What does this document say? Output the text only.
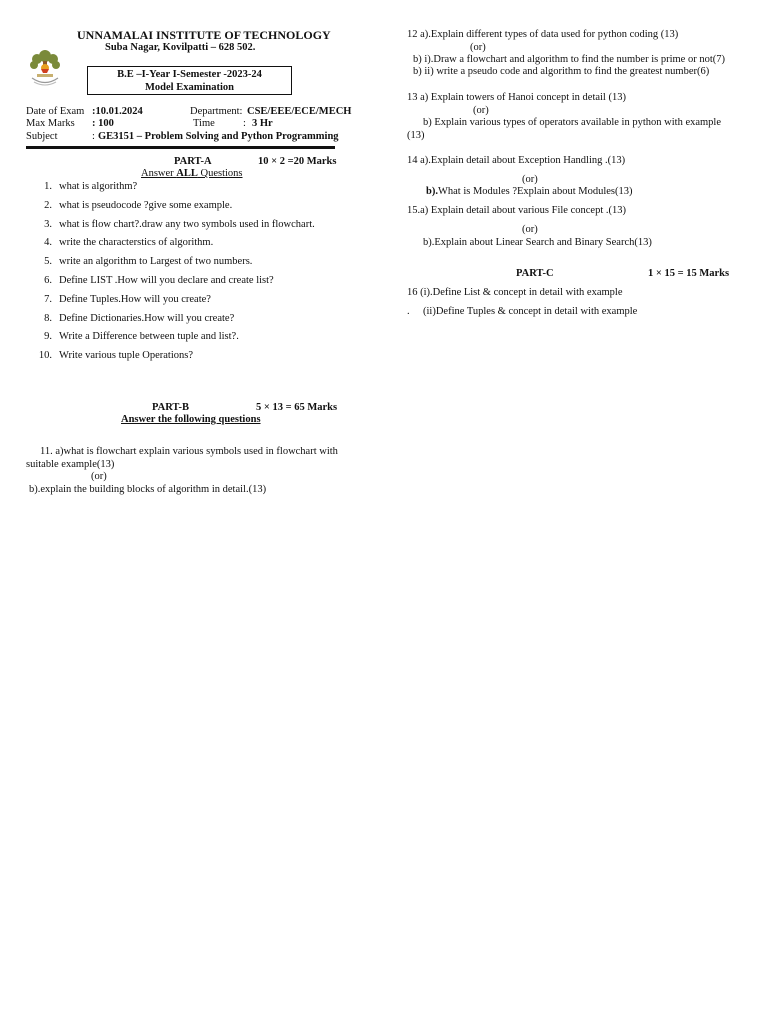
UNNAMALAI INSTITUTE OF TECHNOLOGY
Suba Nagar, Kovilpatti – 628 502.
B.E –I-Year I-Semester -2023-24
Model Examination
Date of Exam :10.01.2024	Department: CSE/EEE/ECE/MECH
Max Marks : 100	Time	: 3 Hr
Subject	: GE3151 – Problem Solving and Python Programming
PART-A	10 × 2 =20 Marks
Answer ALL Questions
1. what is algorithm?
2. what is pseudocode ?give some example.
3. what is flow chart?.draw any two symbols used in flowchart.
4. write the characterstics of algorithm.
5. write an algorithm to Largest of two numbers.
6. Define LIST .How will you declare and create list?
7. Define Tuples.How will you create?
8. Define Dictionaries.How will you create?
9. Write a Difference between tuple and list?.
10. Write various tuple Operations?
PART-B	5 × 13 = 65 Marks
Answer the following questions
11. a)what is flowchart explain various symbols used in flowchart with
suitable example(13)
(or)
b).explain the building blocks of algorithm in detail.(13)
12 a).Explain different types of data used for python coding (13)
(or)
b) i).Draw a flowchart and algorithm to find the number is prime or not(7)
b) ii) write a pseudo code and algorithm to find the greatest number(6)
13 a) Explain towers of Hanoi concept in detail (13)
(or)
b) Explain various types of operators available in python with example
(13)
14 a).Explain detail about Exception Handling .(13)
(or)
b).What is Modules ?Explain about Modules(13)
15.a) Explain detail about various File concept .(13)
(or)
b).Explain about Linear Search and Binary Search(13)
PART-C	1 × 15 = 15 Marks
16 (i).Define List & concept in detail with example
. (ii)Define Tuples & concept in detail with example
